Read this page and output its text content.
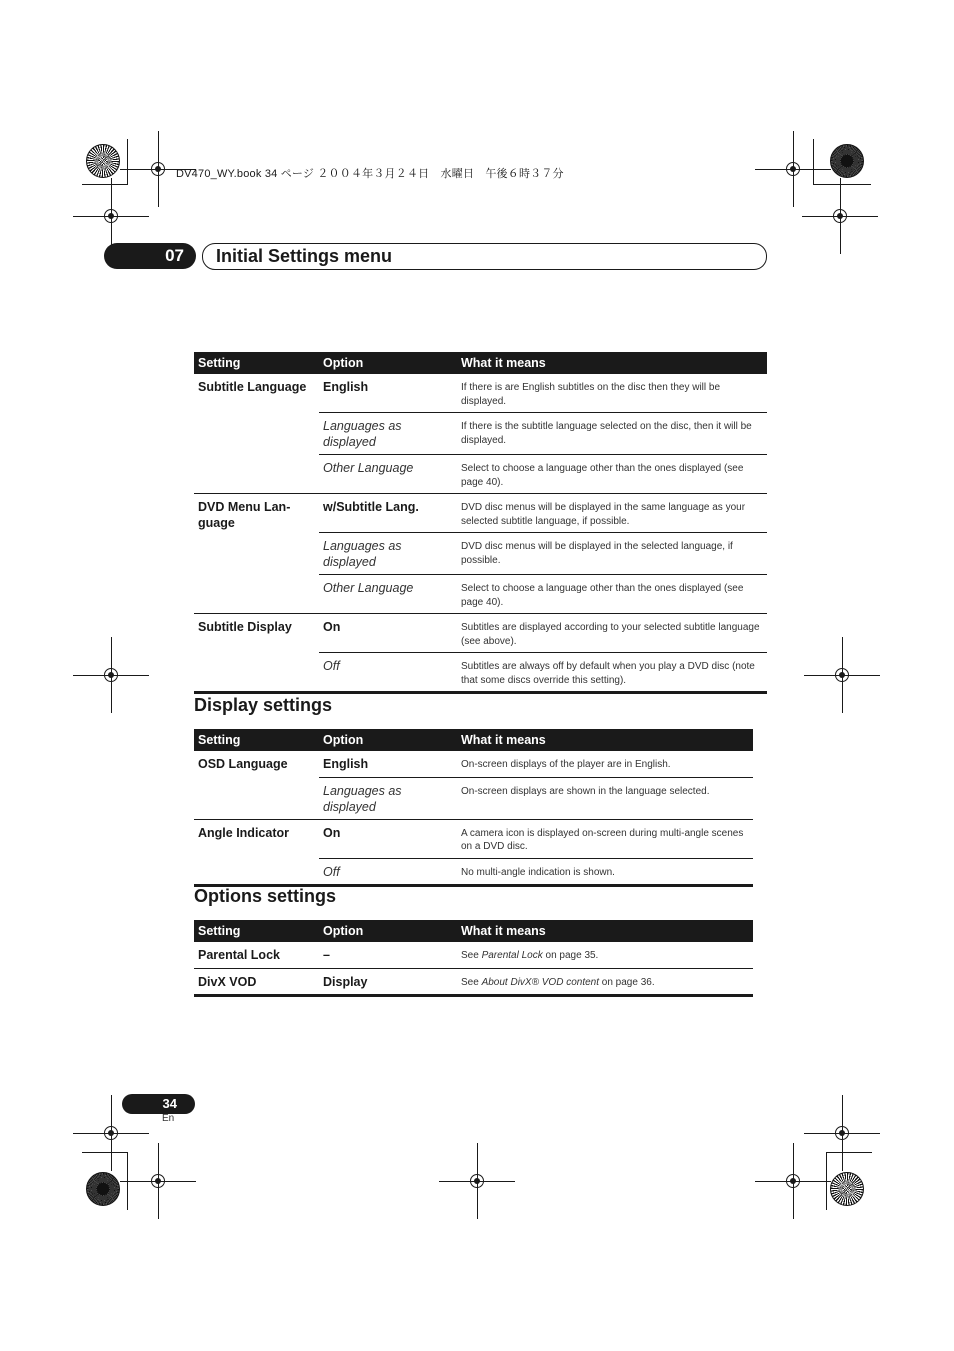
DV470_WY.book 34 ページ ２００４年３月２４日　水曜日　午後６時３７分
07	Initial Settings menu
Setting	Option	What it means
Subtitle Language	English	If there is are English subtitles on the disc then they will be displayed.
	Languages as displayed	If there is the subtitle language selected on the disc, then it will be displayed.
	Other Language	Select to choose a language other than the ones displayed (see page 40).
DVD Menu Lan-guage	w/Subtitle Lang.	DVD disc menus will be displayed in the same language as your selected subtitle language, if possible.
	Languages as displayed	DVD disc menus will be displayed in the selected language, if possible.
	Other Language	Select to choose a language other than the ones displayed (see page 40).
Subtitle Display	On	Subtitles are displayed according to your selected subtitle language (see above).
	Off	Subtitles are always off by default when you play a DVD disc (note that some discs override this setting).
Display settings
Setting	Option	What it means
OSD Language	English	On-screen displays of the player are in English.
	Languages as displayed	On-screen displays are shown in the language selected.
Angle Indicator	On	A camera icon is displayed on-screen during multi-angle scenes on a DVD disc.
	Off	No multi-angle indication is shown.
Options settings
Setting	Option	What it means
Parental Lock	–	See Parental Lock on page 35.
DivX VOD	Display	See About DivX® VOD content on page 36.
34
En
